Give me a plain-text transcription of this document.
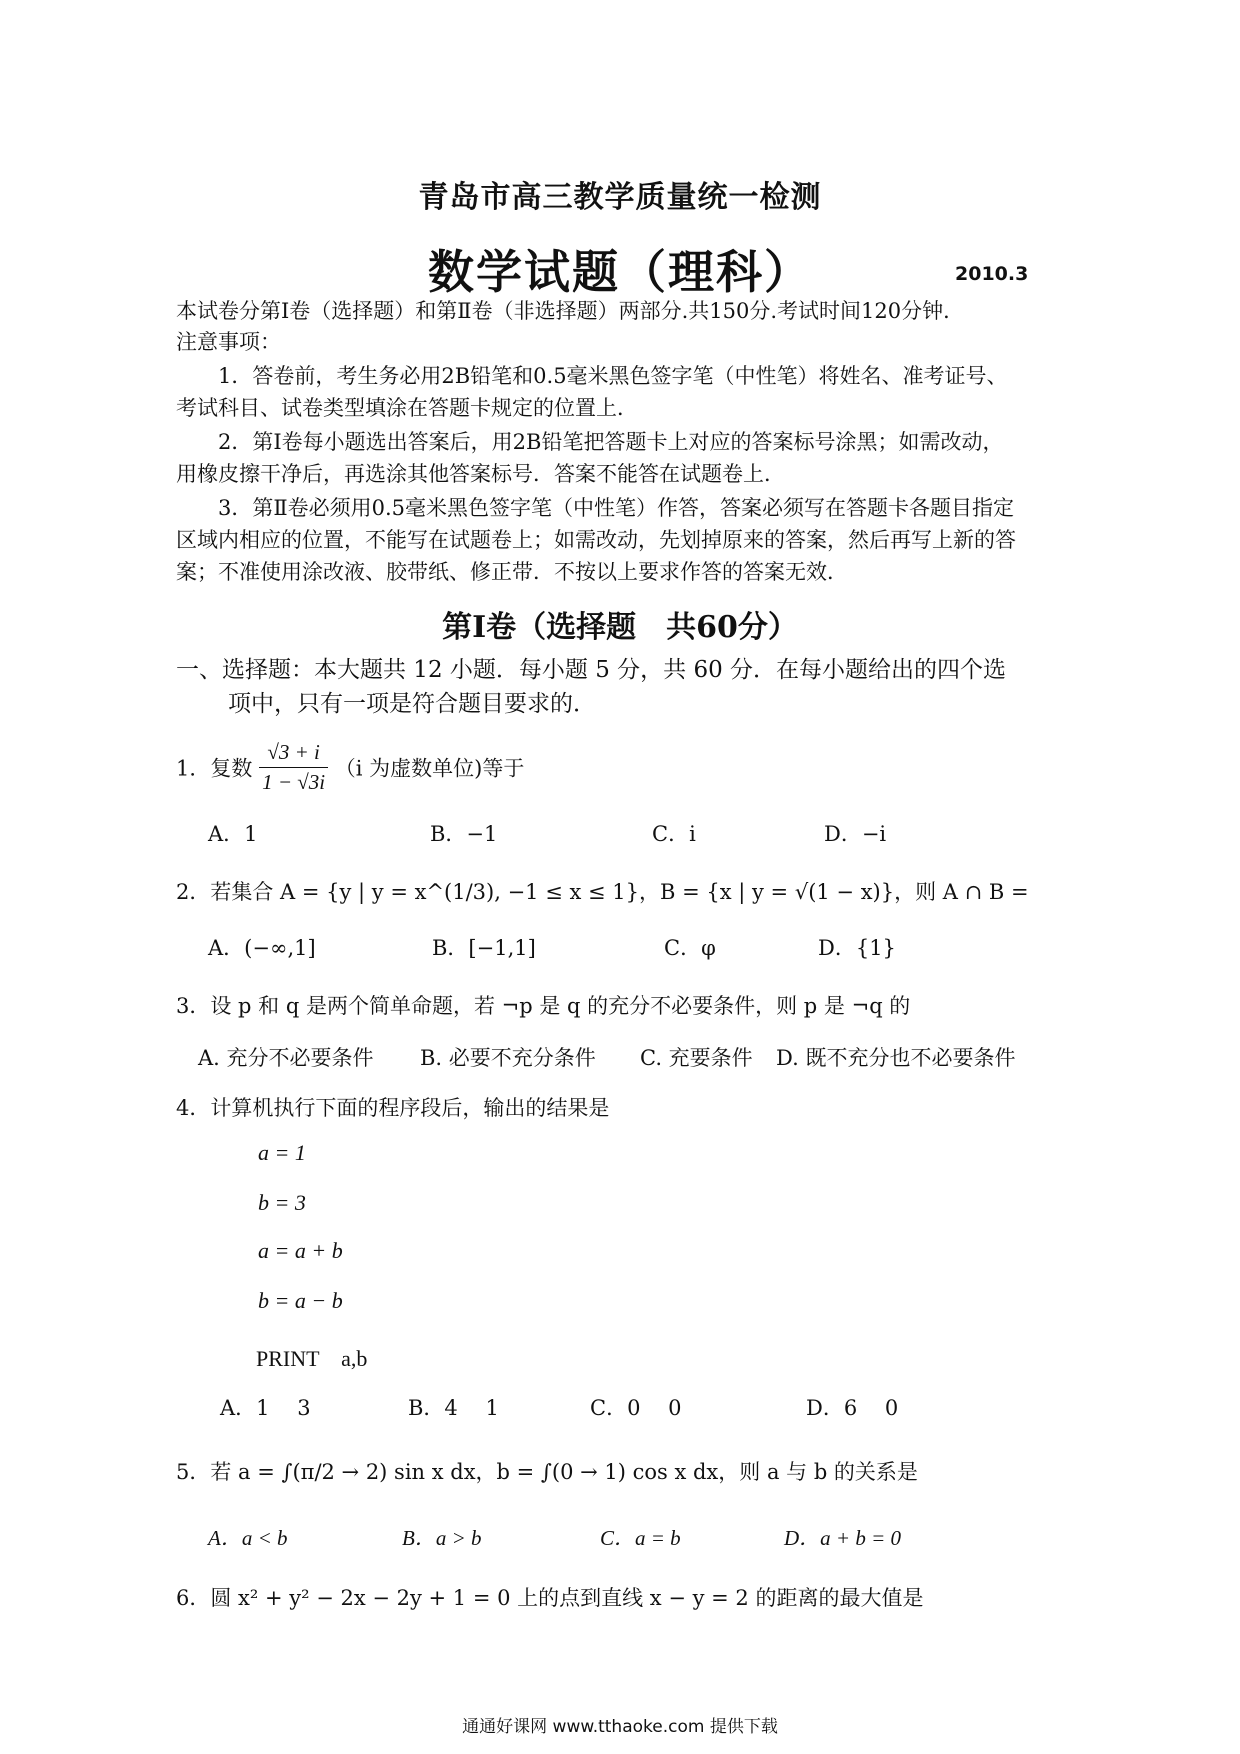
青岛市高三教学质量统一检测
数学试题（理科）	2010.3
本试卷分第Ⅰ卷（选择题）和第Ⅱ卷（非选择题）两部分.共150分.考试时间120分钟．
注意事项：
1．答卷前，考生务必用2B铅笔和0.5毫米黑色签字笔（中性笔）将姓名、准考证号、
考试科目、试卷类型填涂在答题卡规定的位置上．
2．第Ⅰ卷每小题选出答案后，用2B铅笔把答题卡上对应的答案标号涂黑；如需改动，
用橡皮擦干净后，再选涂其他答案标号．答案不能答在试题卷上．
3．第Ⅱ卷必须用0.5毫米黑色签字笔（中性笔）作答，答案必须写在答题卡各题目指定
区域内相应的位置，不能写在试题卷上；如需改动，先划掉原来的答案，然后再写上新的答
案；不准使用涂改液、胶带纸、修正带．不按以上要求作答的答案无效．
第Ⅰ卷（选择题　共60分）
一、选择题：本大题共 12 小题．每小题 5 分，共 60 分．在每小题给出的四个选
项中，只有一项是符合题目要求的．
1．复数 $\frac{√3 + i}{1 - √3i} (i$ 为虚数单位)等于
A．1	B．−1	C．i	D．−i
2．若集合 A = {y | y = x^(1/3), −1 ≤ x ≤ 1}，B = {x | y = √(1 − x)}，则 A ∩ B =
A．(−∞,1]	B．[−1,1]	C．φ	D．{1}
3．设 p 和 q 是两个简单命题，若 ¬p 是 q 的充分不必要条件，则 p 是 ¬q 的
A. 充分不必要条件 B. 必要不充分条件 C. 充要条件 D. 既不充分也不必要条件
4．计算机执行下面的程序段后，输出的结果是
a = 1
b = 3
a = a + b
b = a − b
PRINT　a,b
A．1　 3	B．4　 1	C．0　 0	D．6　 0
5．若 a = ∫(π/2 → 2) sin x dx，b = ∫(0 → 1) cos x dx，则 a 与 b 的关系是
A．a < b	B．a > b	C．a = b	D．a + b = 0
6．圆 x² + y² − 2x − 2y + 1 = 0 上的点到直线 x − y = 2 的距离的最大值是
通通好课网 www.tthaoke.com 提供下载
